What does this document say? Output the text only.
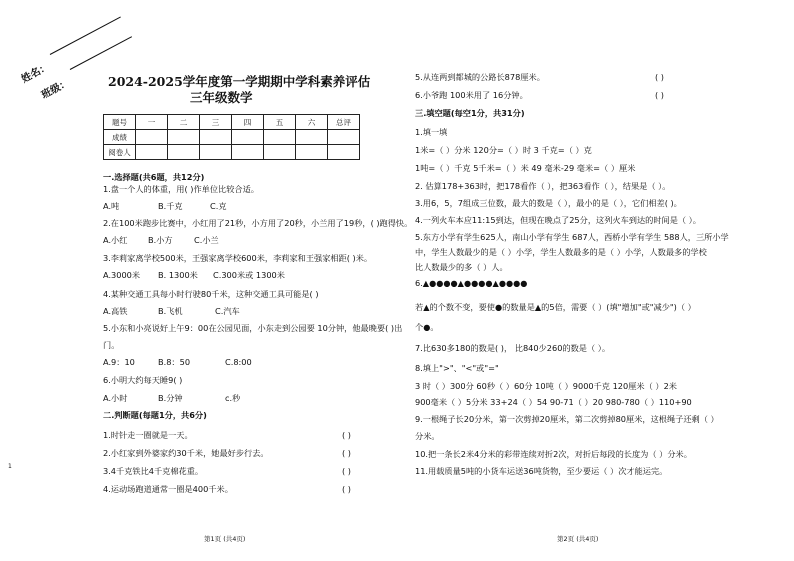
姓名：
班级：
1
2024-2025学年度第一学期期中学科素养评估
三年级数学
题号	一	二	三	四	五	六	总评
成绩							
阅卷人							
一.选择题(共6题，共12分)
1.盘一个人的体重，用( )作单位比较合适。
A.吨	B.千克	C.克
2.在100米跑步比赛中，小红用了21秒，小方用了20秒，小兰用了19秒，( )跑得快。
A.小红	B.小方	C.小兰
3.李莉家离学校500米，王强家离学校600米，李莉家和王强家相距( )米。
A.3000米 B. 1300米 C.300米或 1300米
4.某种交通工具每小时行驶80千米，这种交通工具可能是( )
A.高铁	B.飞机	C.汽车
5.小东和小亮说好上午9：00在公园见面，小东走到公园要 10分钟，他最晚要( )出
门。
A.9：10	B.8：50	C.8:00
6.小明大约每天睡9( )
A.小时	B.分钟	c.秒
二.判断题(每题1分，共6分)
1.时针走一圈就是一天。	( )
2.小红家到外婆家约30千米，她最好步行去。	( )
3.4千克铁比4千克棉花重。	( )
4.运动场跑道通常一圈是400千米。	( )
第1页 (共4页)
5.从连两到都城的公路长878厘米。	( )
6.小爷跑 100米用了 16分钟。	( )
三.填空题(每空1分，共31分)
1.填一填
1米=（ ）分米 120分=（ ）时 3 千克=（ ）克
1吨=（ ）千克 5千米=（ ）米 49 毫米-29 毫米=（ ）厘米
2. 估算178+363时，把178看作（ ），把363看作（ ），结果是（ ）。
3.用6，5，7组成三位数，最大的数是（ ），最小的是（ ），它们相差( )。
4.一列火车本应11:15到达，但现在晚点了25分，这列火车到达的时间是（ ）。
5.东方小学有学生625人，南山小学有学生 687人，西桥小学有学生 588人，三所小学
中，学生人数最少的是（ ）小学，学生人数最多的是（ ）小学，人数最多的学校
比人数最少的多（ ）人。
6.▲●●●●▲●●●●▲●●●●
若▲的个数不变，要使●的数量是▲的5倍，需要（ ）(填"增加"或"减少")（ ）
个●。
7.比630多180的数是( )， 比840少260的数是（ ）。
8.填上">"、"<"或"="
3 时（ ）300分 60秒（ ）60分 10吨（ ）9000千克 120厘米（ ）2米
900毫米（ ）5分米 33+24（ ）54 90-71（ ）20 980-780（ ）110+90
9.一根绳子长20分米，第一次剪掉20厘米，第二次剪掉80厘米，这根绳子还剩（ ）
分米。
10.把一条长2米4分米的彩带连续对折2次，对折后每段的长度为（ ）分米。
11.用载质量5吨的小货车运送36吨货物，至少要运（ ）次才能运完。
第2页 (共4页)
